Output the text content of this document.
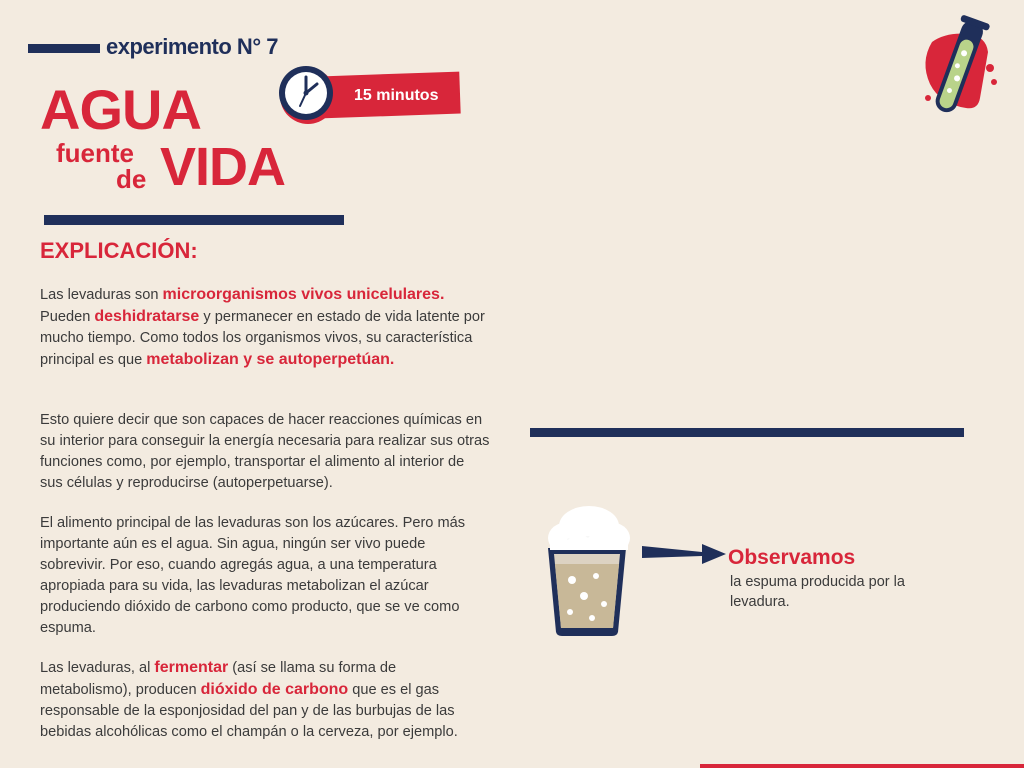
experimento N° 7
15 minutos
AGUA
fuente
de VIDA
EXPLICACIÓN:
Las levaduras son microorganismos vivos unicelulares. Pueden deshidratarse y permanecer en estado de vida latente por mucho tiempo. Como todos los organismos vivos, su característica principal es que metabolizan y se autoperpetúan.
Esto quiere decir que son capaces de hacer reacciones químicas en su interior para conseguir la energía necesaria para realizar sus otras funciones como, por ejemplo, transportar el alimento al interior de sus células y reproducirse (autoperpetuarse).
El alimento principal de las levaduras son los azúcares. Pero más importante aún es el agua. Sin agua, ningún ser vivo puede sobrevivir. Por eso, cuando agregás agua, a una temperatura apropiada para su vida, las levaduras metabolizan el azúcar produciendo dióxido de carbono como producto, que se ve como espuma.
Las levaduras, al fermentar (así se llama su forma de metabolismo), producen dióxido de carbono que es el gas responsable de la esponjosidad del pan y de las burbujas de las bebidas alcohólicas como el champán o la cerveza, por ejemplo.
Observamos
la espuma producida por la levadura.
